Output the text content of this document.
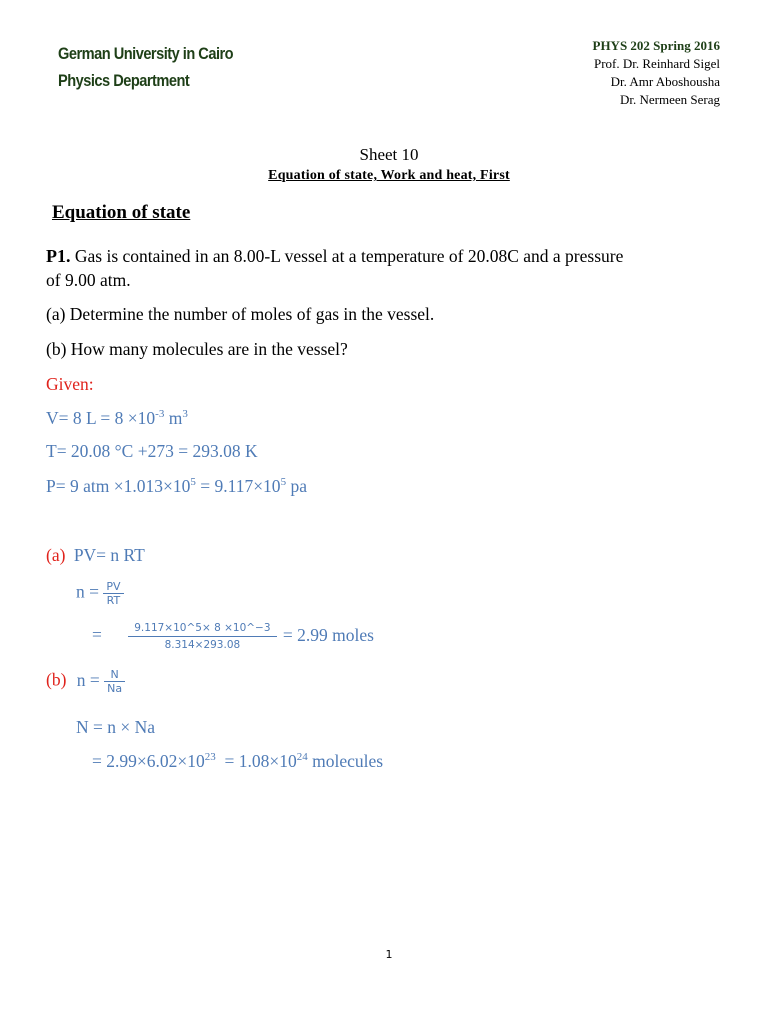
German University in Cairo
Physics Department
PHYS 202 Spring 2016
Prof. Dr. Reinhard Sigel
Dr. Amr Aboshousha
Dr. Nermeen Serag
Sheet 10
Equation of state, Work and heat, First
Equation of state
P1. Gas is contained in an 8.00-L vessel at a temperature of 20.08C and a pressure
of 9.00 atm.
(a) Determine the number of moles of gas in the vessel.
(b) How many molecules are in the vessel?
Given:
V= 8 $L = 8 \times 10^{-3}$ $m^3$
T= 20.08 °C +273 = 293.08 K
P= 9 atm $\times 1.013\times 10^5 = 9.117\times 10^5$ pa
(a) PV= n RT
$n = \frac{PV}{RT}$
=	$\frac{9.117\times 10\^{}5\times 8 \times 10\^{}-3}{8.314\times 293.08} = 2.99$ moles
(b) $n = \frac{N}{Na}$
N = n × Na
= $2.99\times 6.02\times 10^{23} = 1.08\times 10^{24}$ molecules
1
